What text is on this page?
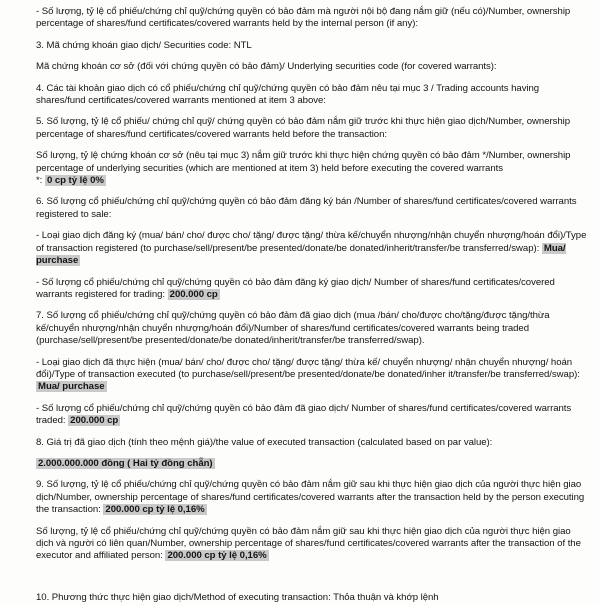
- Số lượng, tỷ lệ cổ phiếu/chứng chỉ quỹ/chứng quyền có bảo đảm mà người nội bộ đang nắm giữ (nếu có)/Number, ownership percentage of shares/fund certificates/covered warrants held by the internal person (if any):

3. Mã chứng khoán giao dịch/ Securities code: NTL

Mã chứng khoán cơ sở (đối với chứng quyền có bảo đảm)/ Underlying securities code (for covered warrants):

4. Các tài khoản giao dịch có cổ phiếu/chứng chỉ quỹ/chứng quyền có bảo đảm nêu tại mục 3 / Trading accounts having shares/fund certificates/covered warrants mentioned at item 3 above:

5. Số lượng, tỷ lệ cổ phiếu/ chứng chỉ quỹ/ chứng quyền có bảo đảm nắm giữ trước khi thực hiện giao dịch/Number, ownership percentage of shares/fund certificates/covered warrants held before the transaction:

Số lượng, tỷ lệ chứng khoán cơ sở (nêu tại mục 3) nắm giữ trước khi thực hiện chứng quyền có bảo đảm */Number, ownership percentage of underlying securities (which are mentioned at item 3) held before executing the covered warrants
*: 0 cp tỷ lệ 0%

6. Số lượng cổ phiếu/chứng chỉ quỹ/chứng quyền có bảo đảm đăng ký bán /Number of shares/fund certificates/covered warrants registered to sale:

- Loại giao dịch đăng ký (mua/ bán/ cho/ được cho/ tặng/ được tặng/ thừa kế/chuyển nhượng/nhận chuyển nhượng/hoán đổi)/Type of transaction registered (to purchase/sell/present/be presented/donate/be donated/inherit/transfer/be transferred/swap): Mua/ purchase

- Số lượng cổ phiếu/chứng chỉ quỹ/chứng quyền có bảo đảm đăng ký giao dịch/ Number of shares/fund certificates/covered warrants registered for trading: 200.000 cp

7. Số lượng cổ phiếu/chứng chỉ quỹ/chứng quyền có bảo đảm đã giao dịch (mua /bán/ cho/được cho/tặng/được tặng/thừa kế/chuyển nhượng/nhận chuyển nhượng/hoán đổi)/Number of shares/fund certificates/covered warrants being traded (purchase/sell/present/be presented/donate/be donated/inherit/transfer/be transferred/swap).

- Loại giao dịch đã thực hiện (mua/ bán/ cho/ được cho/ tặng/ được tặng/ thừa kế/ chuyển nhượng/ nhận chuyển nhượng/ hoán đổi)/Type of transaction executed (to purchase/sell/present/be presented/donate/be donated/inher it/transfer/be transferred/swap): Mua/ purchase

- Số lượng cổ phiếu/chứng chỉ quỹ/chứng quyền có bảo đảm đã giao dịch/ Number of shares/fund certificates/covered warrants traded: 200.000 cp

8. Giá trị đã giao dịch (tính theo mệnh giá)/the value of executed transaction (calculated based on par value):

2.000.000.000 đồng ( Hai tỷ đồng chẵn)

9. Số lượng, tỷ lệ cổ phiếu/chứng chỉ quỹ/chứng quyền có bảo đảm nắm giữ sau khi thực hiện giao dịch của người thực hiện giao dịch/Number, ownership percentage of shares/fund certificates/covered warrants after the transaction held by the person executing the transaction: 200.000 cp tỷ lệ 0,16%

Số lượng, tỷ lệ cổ phiếu/chứng chỉ quỹ/chứng quyền có bảo đảm nắm giữ sau khi thực hiện giao dịch của người thực hiện giao dịch và người có liên quan/Number, ownership percentage of shares/fund certificates/covered warrants after the transaction of the executor and affiliated person: 200.000 cp tỷ lệ 0,16%

10. Phương thức thực hiện giao dịch/Method of executing transaction: Thỏa thuận và khớp lệnh
